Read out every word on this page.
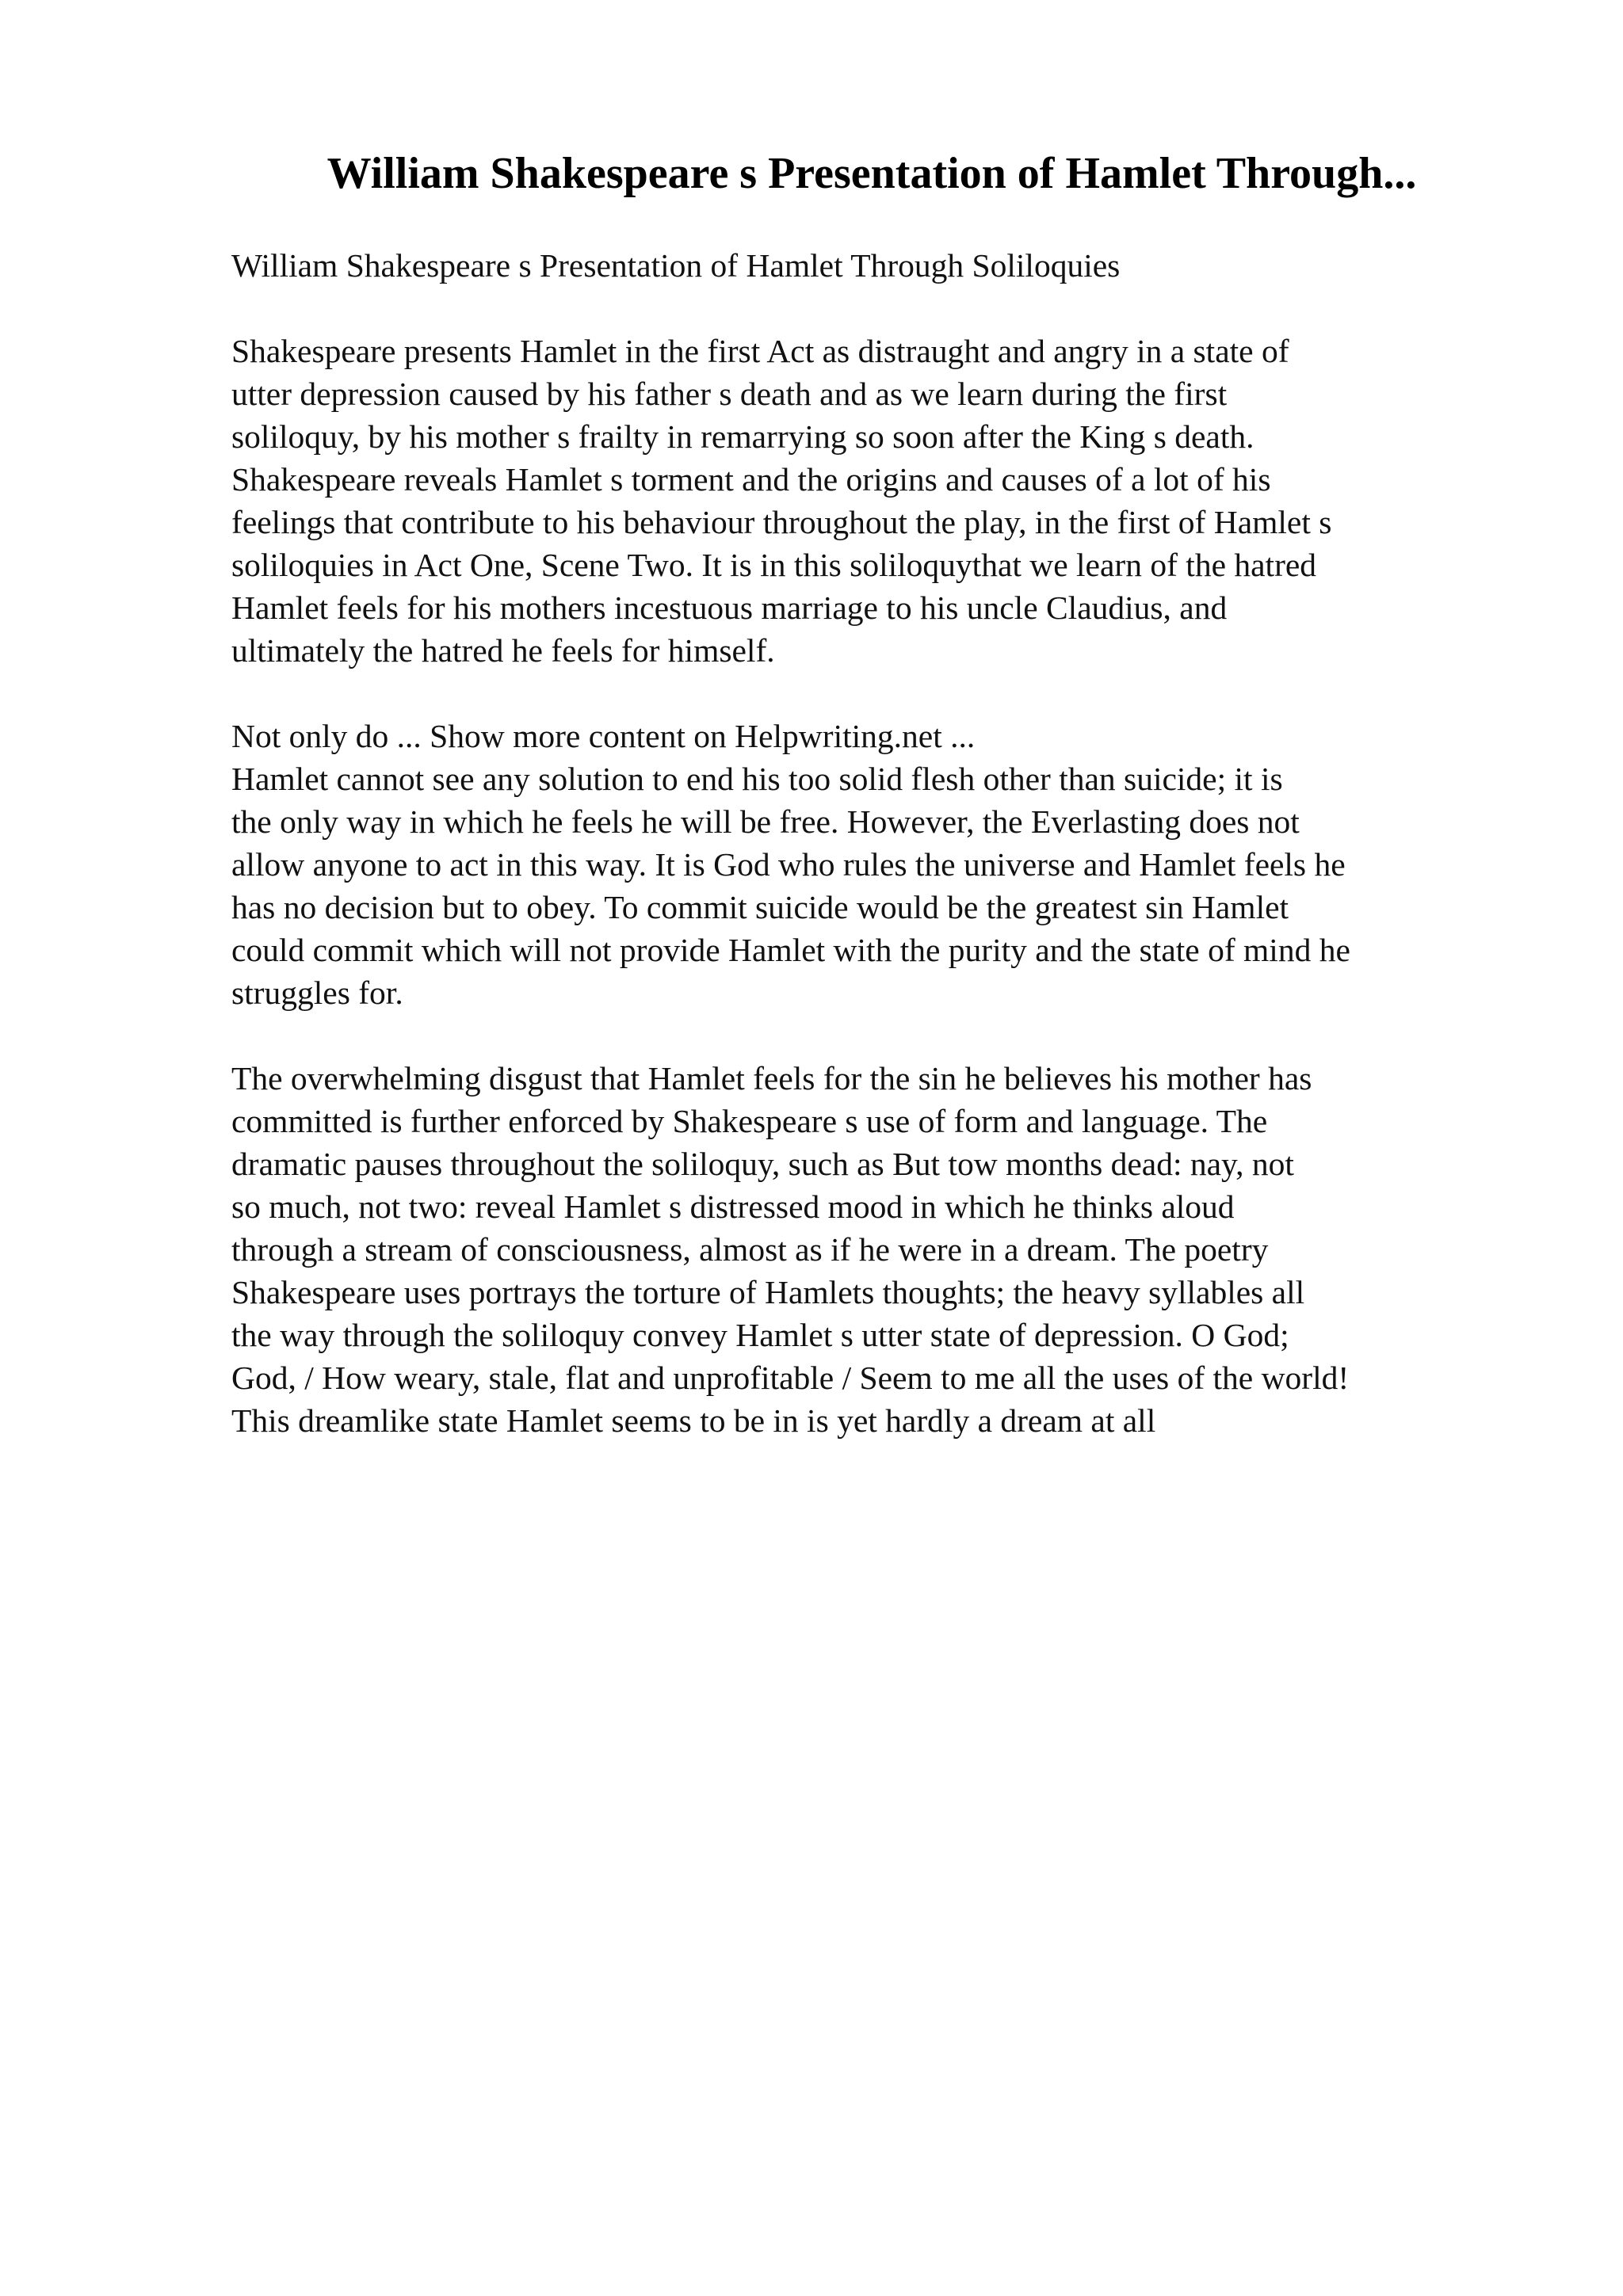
William Shakespeare s Presentation of Hamlet Through...
William Shakespeare s Presentation of Hamlet Through Soliloquies
Shakespeare presents Hamlet in the first Act as distraught and angry in a state of
utter depression caused by his father s death and as we learn during the first
soliloquy, by his mother s frailty in remarrying so soon after the King s death.
Shakespeare reveals Hamlet s torment and the origins and causes of a lot of his
feelings that contribute to his behaviour throughout the play, in the first of Hamlet s
soliloquies in Act One, Scene Two. It is in this soliloquythat we learn of the hatred
Hamlet feels for his mothers incestuous marriage to his uncle Claudius, and
ultimately the hatred he feels for himself.
Not only do ... Show more content on Helpwriting.net ...
Hamlet cannot see any solution to end his too solid flesh other than suicide; it is
the only way in which he feels he will be free. However, the Everlasting does not
allow anyone to act in this way. It is God who rules the universe and Hamlet feels he
has no decision but to obey. To commit suicide would be the greatest sin Hamlet
could commit which will not provide Hamlet with the purity and the state of mind he
struggles for.
The overwhelming disgust that Hamlet feels for the sin he believes his mother has
committed is further enforced by Shakespeare s use of form and language. The
dramatic pauses throughout the soliloquy, such as But tow months dead: nay, not
so much, not two: reveal Hamlet s distressed mood in which he thinks aloud
through a stream of consciousness, almost as if he were in a dream. The poetry
Shakespeare uses portrays the torture of Hamlets thoughts; the heavy syllables all
the way through the soliloquy convey Hamlet s utter state of depression. O God;
God, / How weary, stale, flat and unprofitable / Seem to me all the uses of the world!
This dreamlike state Hamlet seems to be in is yet hardly a dream at all
